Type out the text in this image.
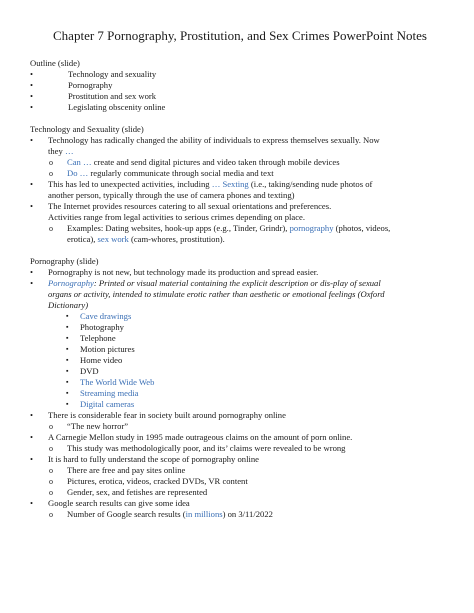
Chapter 7 Pornography, Prostitution, and Sex Crimes PowerPoint Notes
Outline (slide)
•	Technology and sexuality
•	Pornography
•	Prostitution and sex work
•	Legislating obscenity online
Technology and Sexuality (slide)
• Technology has radically changed the ability of individuals to express themselves sexually. Now
they …
o Can … create and send digital pictures and video taken through mobile devices
o Do … regularly communicate through social media and text
• This has led to unexpected activities, including … Sexting (i.e., taking/sending nude photos of
another person, typically through the use of camera phones and texting)
• The Internet provides resources catering to all sexual orientations and preferences.
Activities range from legal activities to serious crimes depending on place.
o Examples: Dating websites, hook-up apps (e.g., Tinder, Grindr), pornography (photos, videos,
erotica), sex work (cam-whores, prostitution).
Pornography (slide)
• Pornography is not new, but technology made its production and spread easier.
• Pornography: Printed or visual material containing the explicit description or dis-play of sexual
organs or activity, intended to stimulate erotic rather than aesthetic or emotional feelings (Oxford
Dictionary)
▪ Cave drawings
▪ Photography
▪ Telephone
▪ Motion pictures
▪ Home video
▪ DVD
▪ The World Wide Web
▪ Streaming media
▪ Digital cameras
• There is considerable fear in society built around pornography online
o “The new horror”
• A Carnegie Mellon study in 1995 made outrageous claims on the amount of porn online.
o This study was methodologically poor, and its’ claims were revealed to be wrong
• It is hard to fully understand the scope of pornography online
o There are free and pay sites online
o Pictures, erotica, videos, cracked DVDs, VR content
o Gender, sex, and fetishes are represented
• Google search results can give some idea
o Number of Google search results (in millions) on 3/11/2022
